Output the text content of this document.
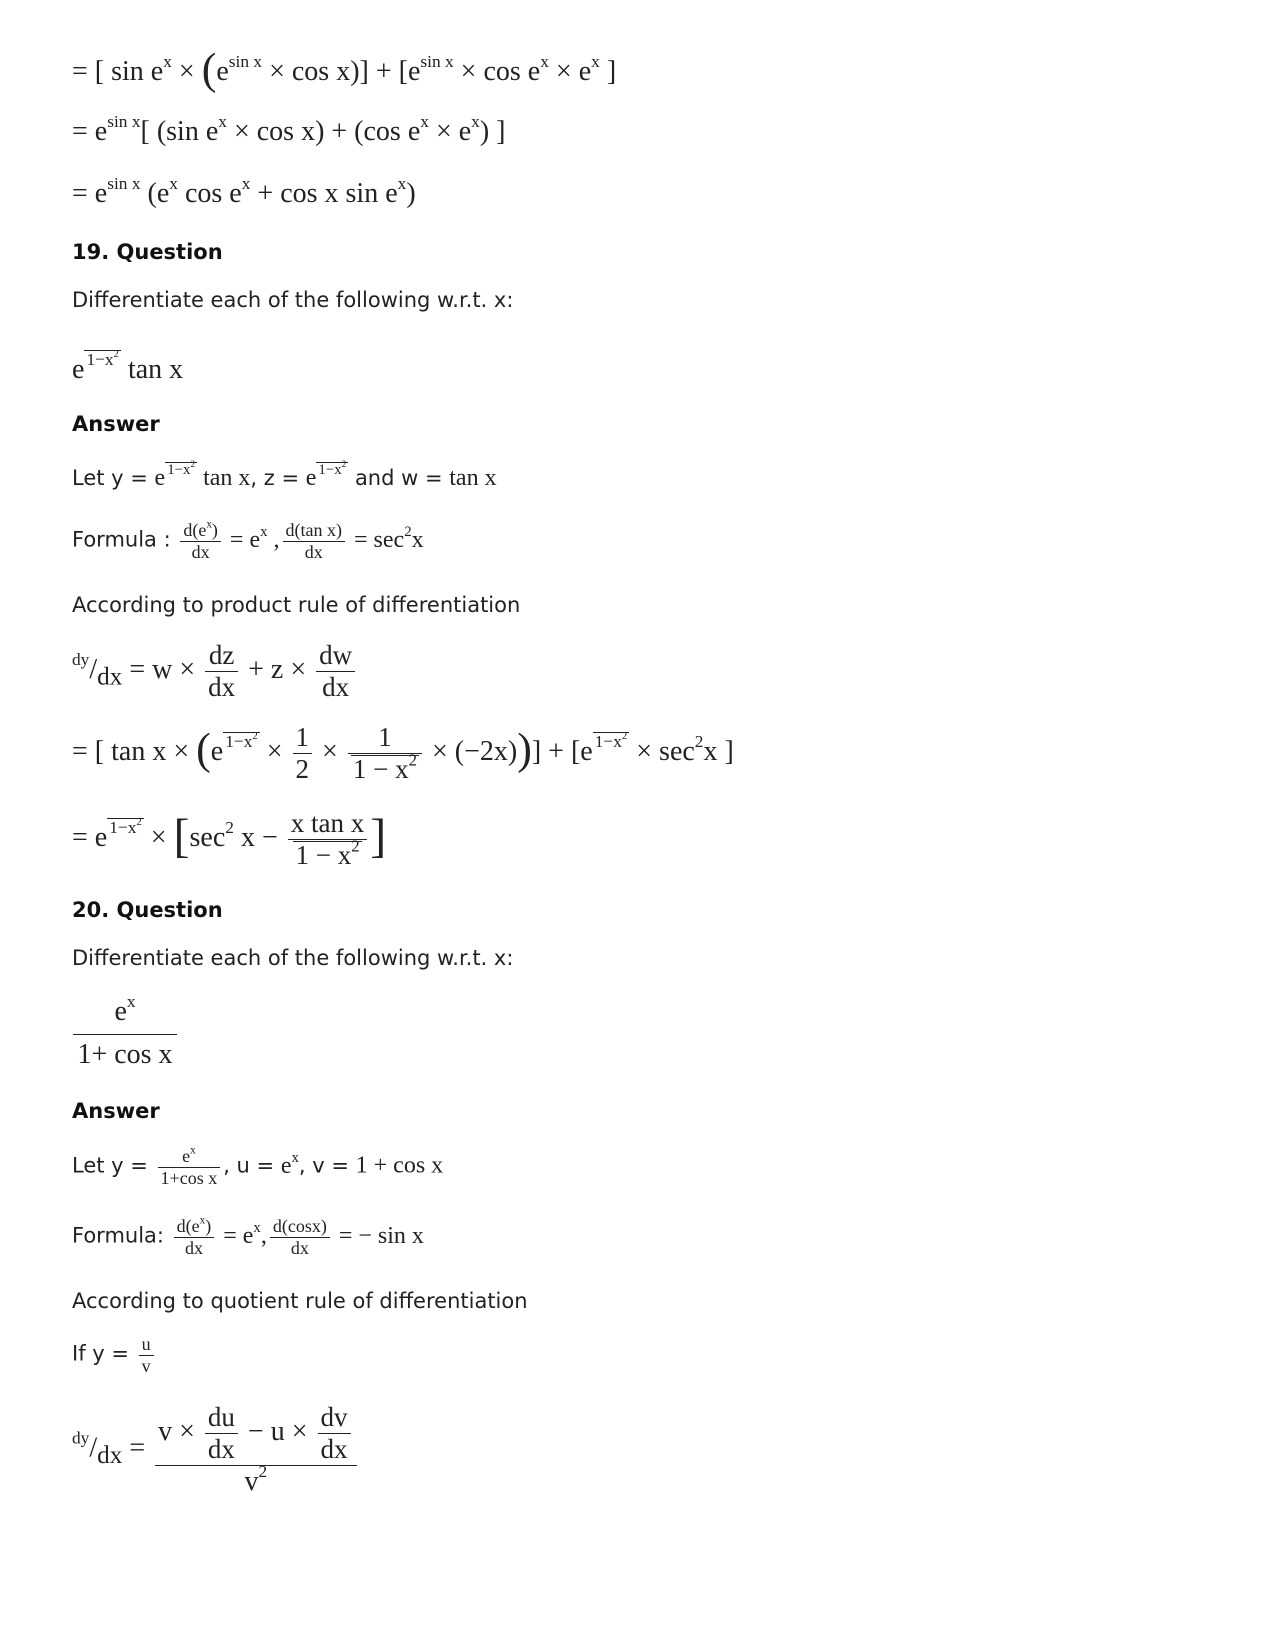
= [ $\sin e^x \times (e^{sin x} \times \cos x)] + [e^{sin x} \times \cos e^x \times e^x$ ]
= $e^{sin x}$[ (sin $e^x \times \cos x) + (\cos$ $e^x \times e^x$) ]
= $e^{sin x}$ ($e^x$ $\cos e^x + \cos x$ $\sin e^x$)
19. Question
Differentiate each of the following w.r.t. x:
e $^{1-x^2}$ tan x
Answer
Let y = e $^{1-x^2}$ tan x, z = e $^{1-x^2}$ and w = tan x
Formula : $\frac{d(e^x)}{dx} = e^x$ , $\frac{\text{d(tan x)}}{dx} = \sec^2x$
According to product rule of differentiation
$^{dy}/_{dx} = w \times \frac{dz}{dx} + z \times \frac{dw}{dx}$
= [ tan x × (e $^{1-x^2} \times \frac{1}{2} \times \frac{1}{1 - x^2} \times (-2x))] + [e$ $^{1-x^2} \times \sec^2x$ ]
= e $^{1-x^2} \times [\sec^2$ $x - \frac{\text{x tan x}}{1 - x^2}$ ]
20. Question
Differentiate each of the following w.r.t. x:
$\frac{e^x}{\text{1+ cos x}}$
Answer
Let $y = \frac{e^x}{\text{1+cos x}}$ , $u = e^x$, v = 1 + cos x
Formula: $\frac{d(e^x)}{dx} = e^x$, $\frac{d(\cos x)}{dx}$ = − sin x
According to quotient rule of differentiation
If $y = \frac{u}{v}$
$^{dy}/_{dx} = \frac{v \times \frac{du}{dx} - u \times \frac{dv}{dx}}{v^2}$
